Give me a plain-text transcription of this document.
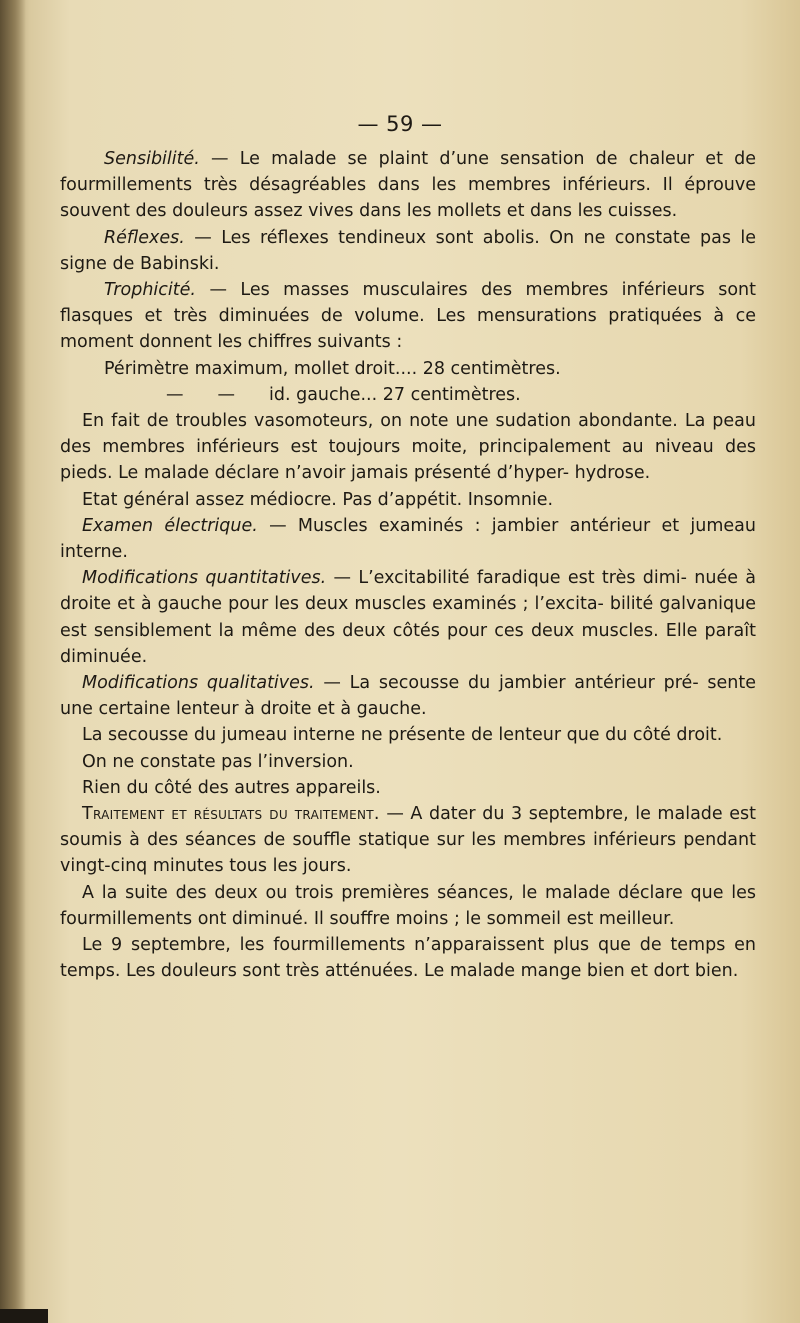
— 59 —

Sensibilité. — Le malade se plaint d’une sensation de chaleur et de fourmillements très désagréables dans les membres inférieurs. Il éprouve souvent des douleurs assez vives dans les mollets et dans les cuisses.

Réflexes. — Les réflexes tendineux sont abolis. On ne constate pas le signe de Babinski.

Trophicité. — Les masses musculaires des membres inférieurs sont flasques et très diminuées de volume. Les mensurations pratiquées à ce moment donnent les chiffres suivants :

Périmètre maximum, mollet droit.... 28 centimètres.

— — id. gauche... 27 centimètres.

En fait de troubles vasomoteurs, on note une sudation abondante. La peau des membres inférieurs est toujours moite, principalement au niveau des pieds. Le malade déclare n’avoir jamais présenté d’hyper- hydrose.

Etat général assez médiocre. Pas d’appétit. Insomnie.

Examen électrique. — Muscles examinés : jambier antérieur et jumeau interne.

Modifications quantitatives. — L’excitabilité faradique est très dimi- nuée à droite et à gauche pour les deux muscles examinés ; l’excita- bilité galvanique est sensiblement la même des deux côtés pour ces deux muscles. Elle paraît diminuée.

Modifications qualitatives. — La secousse du jambier antérieur pré- sente une certaine lenteur à droite et à gauche.

La secousse du jumeau interne ne présente de lenteur que du côté droit.

On ne constate pas l’inversion.

Rien du côté des autres appareils.

Traitement et résultats du traitement. — A dater du 3 septembre, le malade est soumis à des séances de souffle statique sur les membres inférieurs pendant vingt-cinq minutes tous les jours.

A la suite des deux ou trois premières séances, le malade déclare que les fourmillements ont diminué. Il souffre moins ; le sommeil est meilleur.

Le 9 septembre, les fourmillements n’apparaissent plus que de temps en temps. Les douleurs sont très atténuées. Le malade mange bien et dort bien.
